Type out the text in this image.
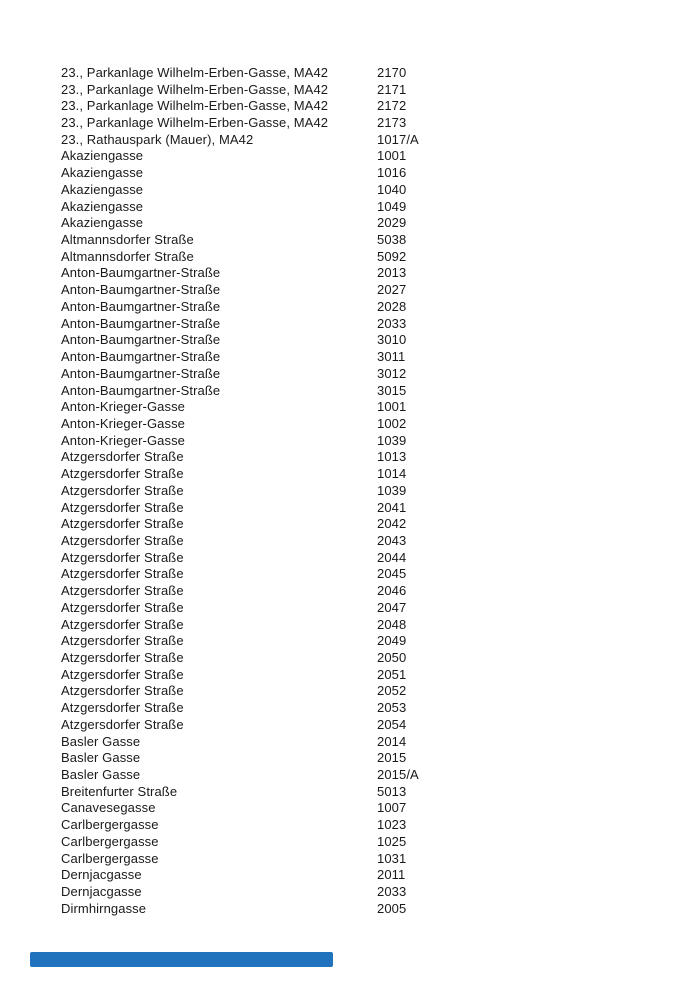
23., Parkanlage Wilhelm-Erben-Gasse, MA42	2170
23., Parkanlage Wilhelm-Erben-Gasse, MA42	2171
23., Parkanlage Wilhelm-Erben-Gasse, MA42	2172
23., Parkanlage Wilhelm-Erben-Gasse, MA42	2173
23., Rathauspark (Mauer), MA42	1017/A
Akaziengasse	1001
Akaziengasse	1016
Akaziengasse	1040
Akaziengasse	1049
Akaziengasse	2029
Altmannsdorfer Straße	5038
Altmannsdorfer Straße	5092
Anton-Baumgartner-Straße	2013
Anton-Baumgartner-Straße	2027
Anton-Baumgartner-Straße	2028
Anton-Baumgartner-Straße	2033
Anton-Baumgartner-Straße	3010
Anton-Baumgartner-Straße	3011
Anton-Baumgartner-Straße	3012
Anton-Baumgartner-Straße	3015
Anton-Krieger-Gasse	1001
Anton-Krieger-Gasse	1002
Anton-Krieger-Gasse	1039
Atzgersdorfer Straße	1013
Atzgersdorfer Straße	1014
Atzgersdorfer Straße	1039
Atzgersdorfer Straße	2041
Atzgersdorfer Straße	2042
Atzgersdorfer Straße	2043
Atzgersdorfer Straße	2044
Atzgersdorfer Straße	2045
Atzgersdorfer Straße	2046
Atzgersdorfer Straße	2047
Atzgersdorfer Straße	2048
Atzgersdorfer Straße	2049
Atzgersdorfer Straße	2050
Atzgersdorfer Straße	2051
Atzgersdorfer Straße	2052
Atzgersdorfer Straße	2053
Atzgersdorfer Straße	2054
Basler Gasse	2014
Basler Gasse	2015
Basler Gasse	2015/A
Breitenfurter Straße	5013
Canavesegasse	1007
Carlbergergasse	1023
Carlbergergasse	1025
Carlbergergasse	1031
Dernjacgasse	2011
Dernjacgasse	2033
Dirmhirngasse	2005
